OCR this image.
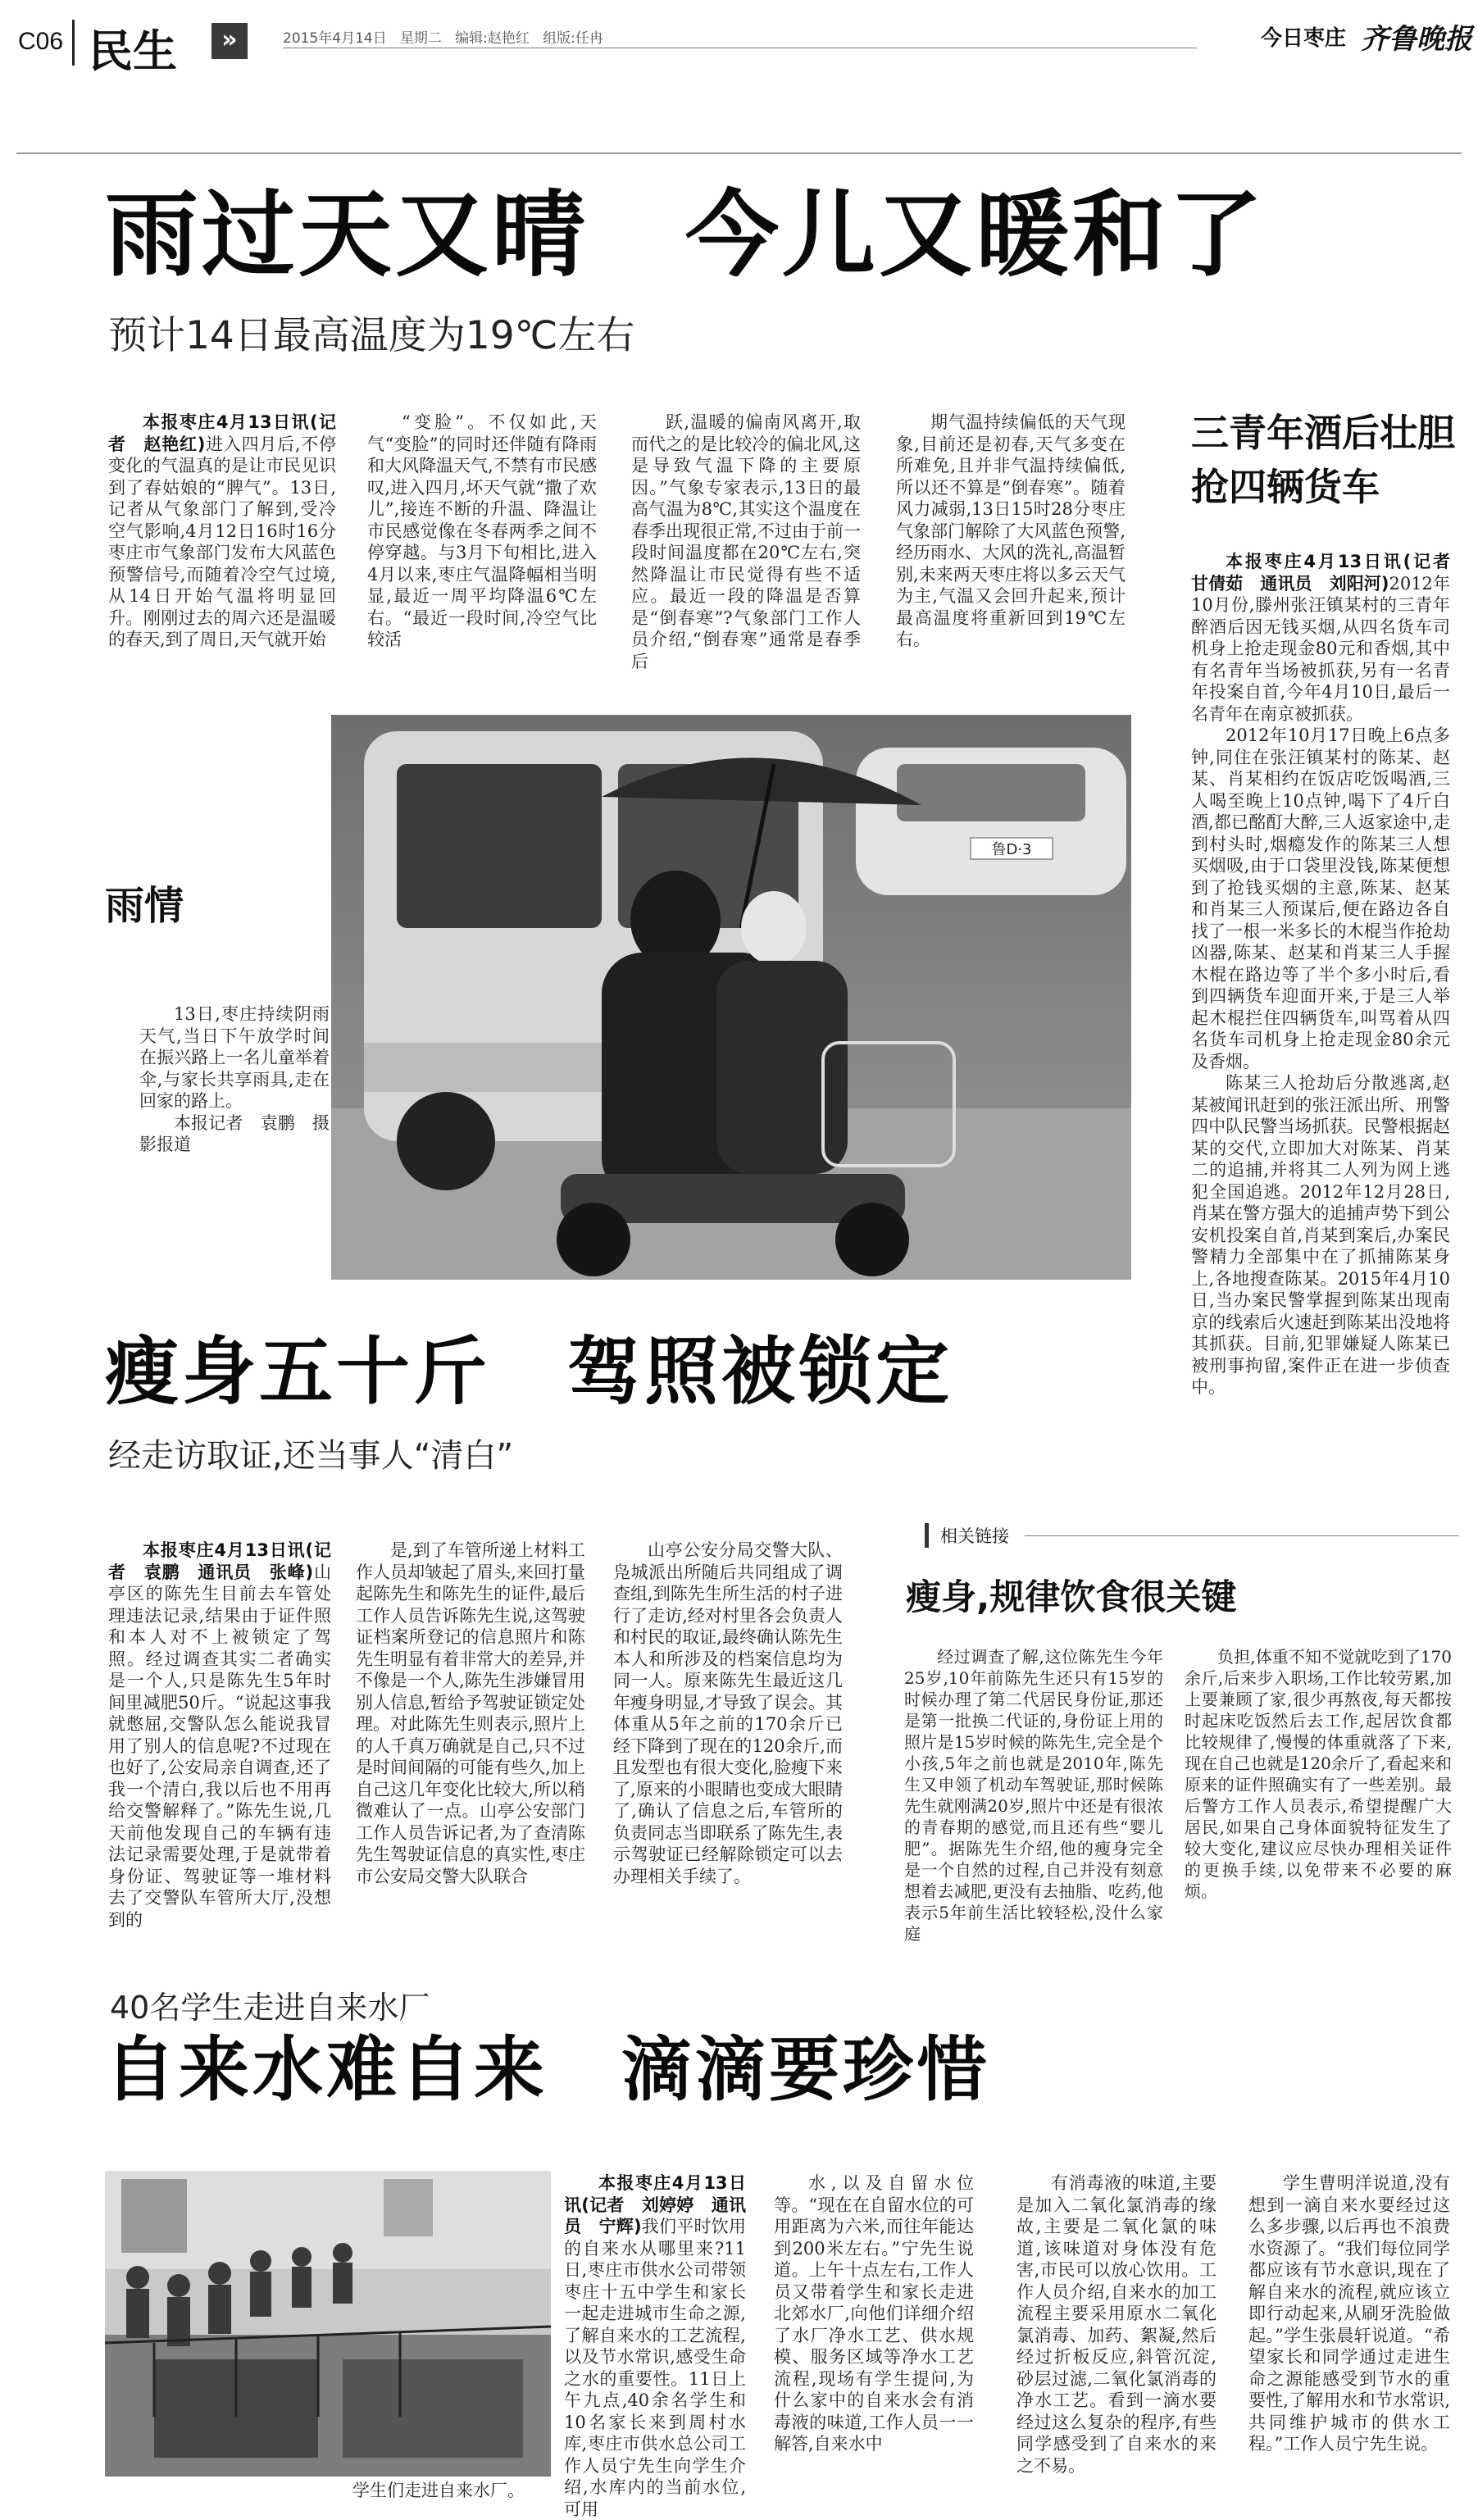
C06 民生	»	2015年4月14日 星期二 编辑:赵艳红 组版:任冉	今日枣庄 齐鲁晚报
雨过天又晴　今儿又暖和了
预计14日最高温度为19℃左右

本报枣庄4月13日讯(记者　赵艳红)进入四月后,不停变化的气温真的是让市民见识到了春姑娘的“脾气”。13日,记者从气象部门了解到,受冷空气影响,4月12日16时16分枣庄市气象部门发布大风蓝色预警信号,而随着冷空气过境,从14日开始气温将明显回升。刚刚过去的周六还是温暖的春天,到了周日,天气就开始

“变脸”。不仅如此,天气“变脸”的同时还伴随有降雨和大风降温天气,不禁有市民感叹,进入四月,坏天气就“撒了欢儿”,接连不断的升温、降温让市民感觉像在冬春两季之间不停穿越。与3月下旬相比,进入4月以来,枣庄气温降幅相当明显,最近一周平均降温6℃左右。“最近一段时间,冷空气比较活

跃,温暖的偏南风离开,取而代之的是比较冷的偏北风,这是导致气温下降的主要原因。”气象专家表示,13日的最高气温为8℃,其实这个温度在春季出现很正常,不过由于前一段时间温度都在20℃左右,突然降温让市民觉得有些不适应。最近一段的降温是否算是“倒春寒”?气象部门工作人员介绍,“倒春寒”通常是春季后

期气温持续偏低的天气现象,目前还是初春,天气多变在所难免,且并非气温持续偏低,所以还不算是“倒春寒”。随着风力减弱,13日15时28分枣庄气象部门解除了大风蓝色预警,经历雨水、大风的洗礼,高温暂别,未来两天枣庄将以多云天气为主,气温又会回升起来,预计最高温度将重新回到19℃左右。

雨情

13日,枣庄持续阴雨天气,当日下午放学时间在振兴路上一名儿童举着伞,与家长共享雨具,走在回家的路上。

本报记者　袁鹏　摄影报道

鲁D·3
三青年酒后壮胆
抢四辆货车

本报枣庄4月13日讯(记者　甘倩茹　通讯员　刘阳河)2012年10月份,滕州张汪镇某村的三青年醉酒后因无钱买烟,从四名货车司机身上抢走现金80元和香烟,其中有名青年当场被抓获,另有一名青年投案自首,今年4月10日,最后一名青年在南京被抓获。

2012年10月17日晚上6点多钟,同住在张汪镇某村的陈某、赵某、肖某相约在饭店吃饭喝酒,三人喝至晚上10点钟,喝下了4斤白酒,都已酩酊大醉,三人返家途中,走到村头时,烟瘾发作的陈某三人想买烟吸,由于口袋里没钱,陈某便想到了抢钱买烟的主意,陈某、赵某和肖某三人预谋后,便在路边各自找了一根一米多长的木棍当作抢劫凶器,陈某、赵某和肖某三人手握木棍在路边等了半个多小时后,看到四辆货车迎面开来,于是三人举起木棍拦住四辆货车,叫骂着从四名货车司机身上抢走现金80余元及香烟。

陈某三人抢劫后分散逃离,赵某被闻讯赶到的张汪派出所、刑警四中队民警当场抓获。民警根据赵某的交代,立即加大对陈某、肖某二的追捕,并将其二人列为网上逃犯全国追逃。2012年12月28日,肖某在警方强大的追捕声势下到公安机投案自首,肖某到案后,办案民警精力全部集中在了抓捕陈某身上,各地搜查陈某。2015年4月10日,当办案民警掌握到陈某出现南京的线索后火速赶到陈某出没地将其抓获。目前,犯罪嫌疑人陈某已被刑事拘留,案件正在进一步侦查中。

瘦身五十斤　驾照被锁定
经走访取证,还当事人“清白”

本报枣庄4月13日讯(记者　袁鹏　通讯员　张峰)山亭区的陈先生目前去车管处理违法记录,结果由于证件照和本人对不上被锁定了驾照。经过调查其实二者确实是一个人,只是陈先生5年时间里减肥50斤。“说起这事我就憋屈,交警队怎么能说我冒用了别人的信息呢?不过现在也好了,公安局亲自调查,还了我一个清白,我以后也不用再给交警解释了。”陈先生说,几天前他发现自己的车辆有违法记录需要处理,于是就带着身份证、驾驶证等一堆材料去了交警队车管所大厅,没想到的

是,到了车管所递上材料工作人员却皱起了眉头,来回打量起陈先生和陈先生的证件,最后工作人员告诉陈先生说,这驾驶证档案所登记的信息照片和陈先生明显有着非常大的差异,并不像是一个人,陈先生涉嫌冒用别人信息,暂给予驾驶证锁定处理。对此陈先生则表示,照片上的人千真万确就是自己,只不过是时间间隔的可能有些久,加上自己这几年变化比较大,所以稍微难认了一点。山亭公安部门工作人员告诉记者,为了查清陈先生驾驶证信息的真实性,枣庄市公安局交警大队联合

山亭公安分局交警大队、凫城派出所随后共同组成了调查组,到陈先生所生活的村子进行了走访,经对村里各会负责人和村民的取证,最终确认陈先生本人和所涉及的档案信息均为同一人。原来陈先生最近这几年瘦身明显,才导致了误会。其体重从5年之前的170余斤已经下降到了现在的120余斤,而且发型也有很大变化,脸瘦下来了,原来的小眼睛也变成大眼睛了,确认了信息之后,车管所的负责同志当即联系了陈先生,表示驾驶证已经解除锁定可以去办理相关手续了。

相关链接
瘦身,规律饮食很关键

经过调查了解,这位陈先生今年25岁,10年前陈先生还只有15岁的时候办理了第二代居民身份证,那还是第一批换二代证的,身份证上用的照片是15岁时候的陈先生,完全是个小孩,5年之前也就是2010年,陈先生又申领了机动车驾驶证,那时候陈先生就刚满20岁,照片中还是有很浓的青春期的感觉,而且还有些“婴儿肥”。据陈先生介绍,他的瘦身完全是一个自然的过程,自己并没有刻意想着去减肥,更没有去抽脂、吃药,他表示5年前生活比较轻松,没什么家庭

负担,体重不知不觉就吃到了170余斤,后来步入职场,工作比较劳累,加上要兼顾了家,很少再熬夜,每天都按时起床吃饭然后去工作,起居饮食都比较规律了,慢慢的体重就落了下来,现在自己也就是120余斤了,看起来和原来的证件照确实有了一些差别。最后警方工作人员表示,希望提醒广大居民,如果自己身体面貌特征发生了较大变化,建议应尽快办理相关证件的更换手续,以免带来不必要的麻烦。

40名学生走进自来水厂
自来水难自来　滴滴要珍惜
学生们走进自来水厂。

本报枣庄4月13日讯(记者　刘婷婷　通讯员　宁辉)我们平时饮用的自来水从哪里来?11日,枣庄市供水公司带领枣庄十五中学生和家长一起走进城市生命之源,了解自来水的工艺流程,以及节水常识,感受生命之水的重要性。11日上午九点,40余名学生和10名家长来到周村水库,枣庄市供水总公司工作人员宁先生向学生介绍,水库内的当前水位,可用

水,以及自留水位等。“现在在自留水位的可用距离为六米,而往年能达到200米左右。”宁先生说道。上午十点左右,工作人员又带着学生和家长走进北郊水厂,向他们详细介绍了水厂净水工艺、供水规模、服务区域等净水工艺流程,现场有学生提问,为什么家中的自来水会有消毒液的味道,工作人员一一解答,自来水中

有消毒液的味道,主要是加入二氧化氯消毒的缘故,主要是二氧化氯的味道,该味道对身体没有危害,市民可以放心饮用。工作人员介绍,自来水的加工流程主要采用原水二氧化氯消毒、加药、絮凝,然后经过折板反应,斜管沉淀,砂层过滤,二氧化氯消毒的净水工艺。看到一滴水要经过这么复杂的程序,有些同学感受到了自来水的来之不易。

学生曹明洋说道,没有想到一滴自来水要经过这么多步骤,以后再也不浪费水资源了。“我们每位同学都应该有节水意识,现在了解自来水的流程,就应该立即行动起来,从刷牙洗脸做起。”学生张晨轩说道。“希望家长和同学通过走进生命之源能感受到节水的重要性,了解用水和节水常识,共同维护城市的供水工程。”工作人员宁先生说。
